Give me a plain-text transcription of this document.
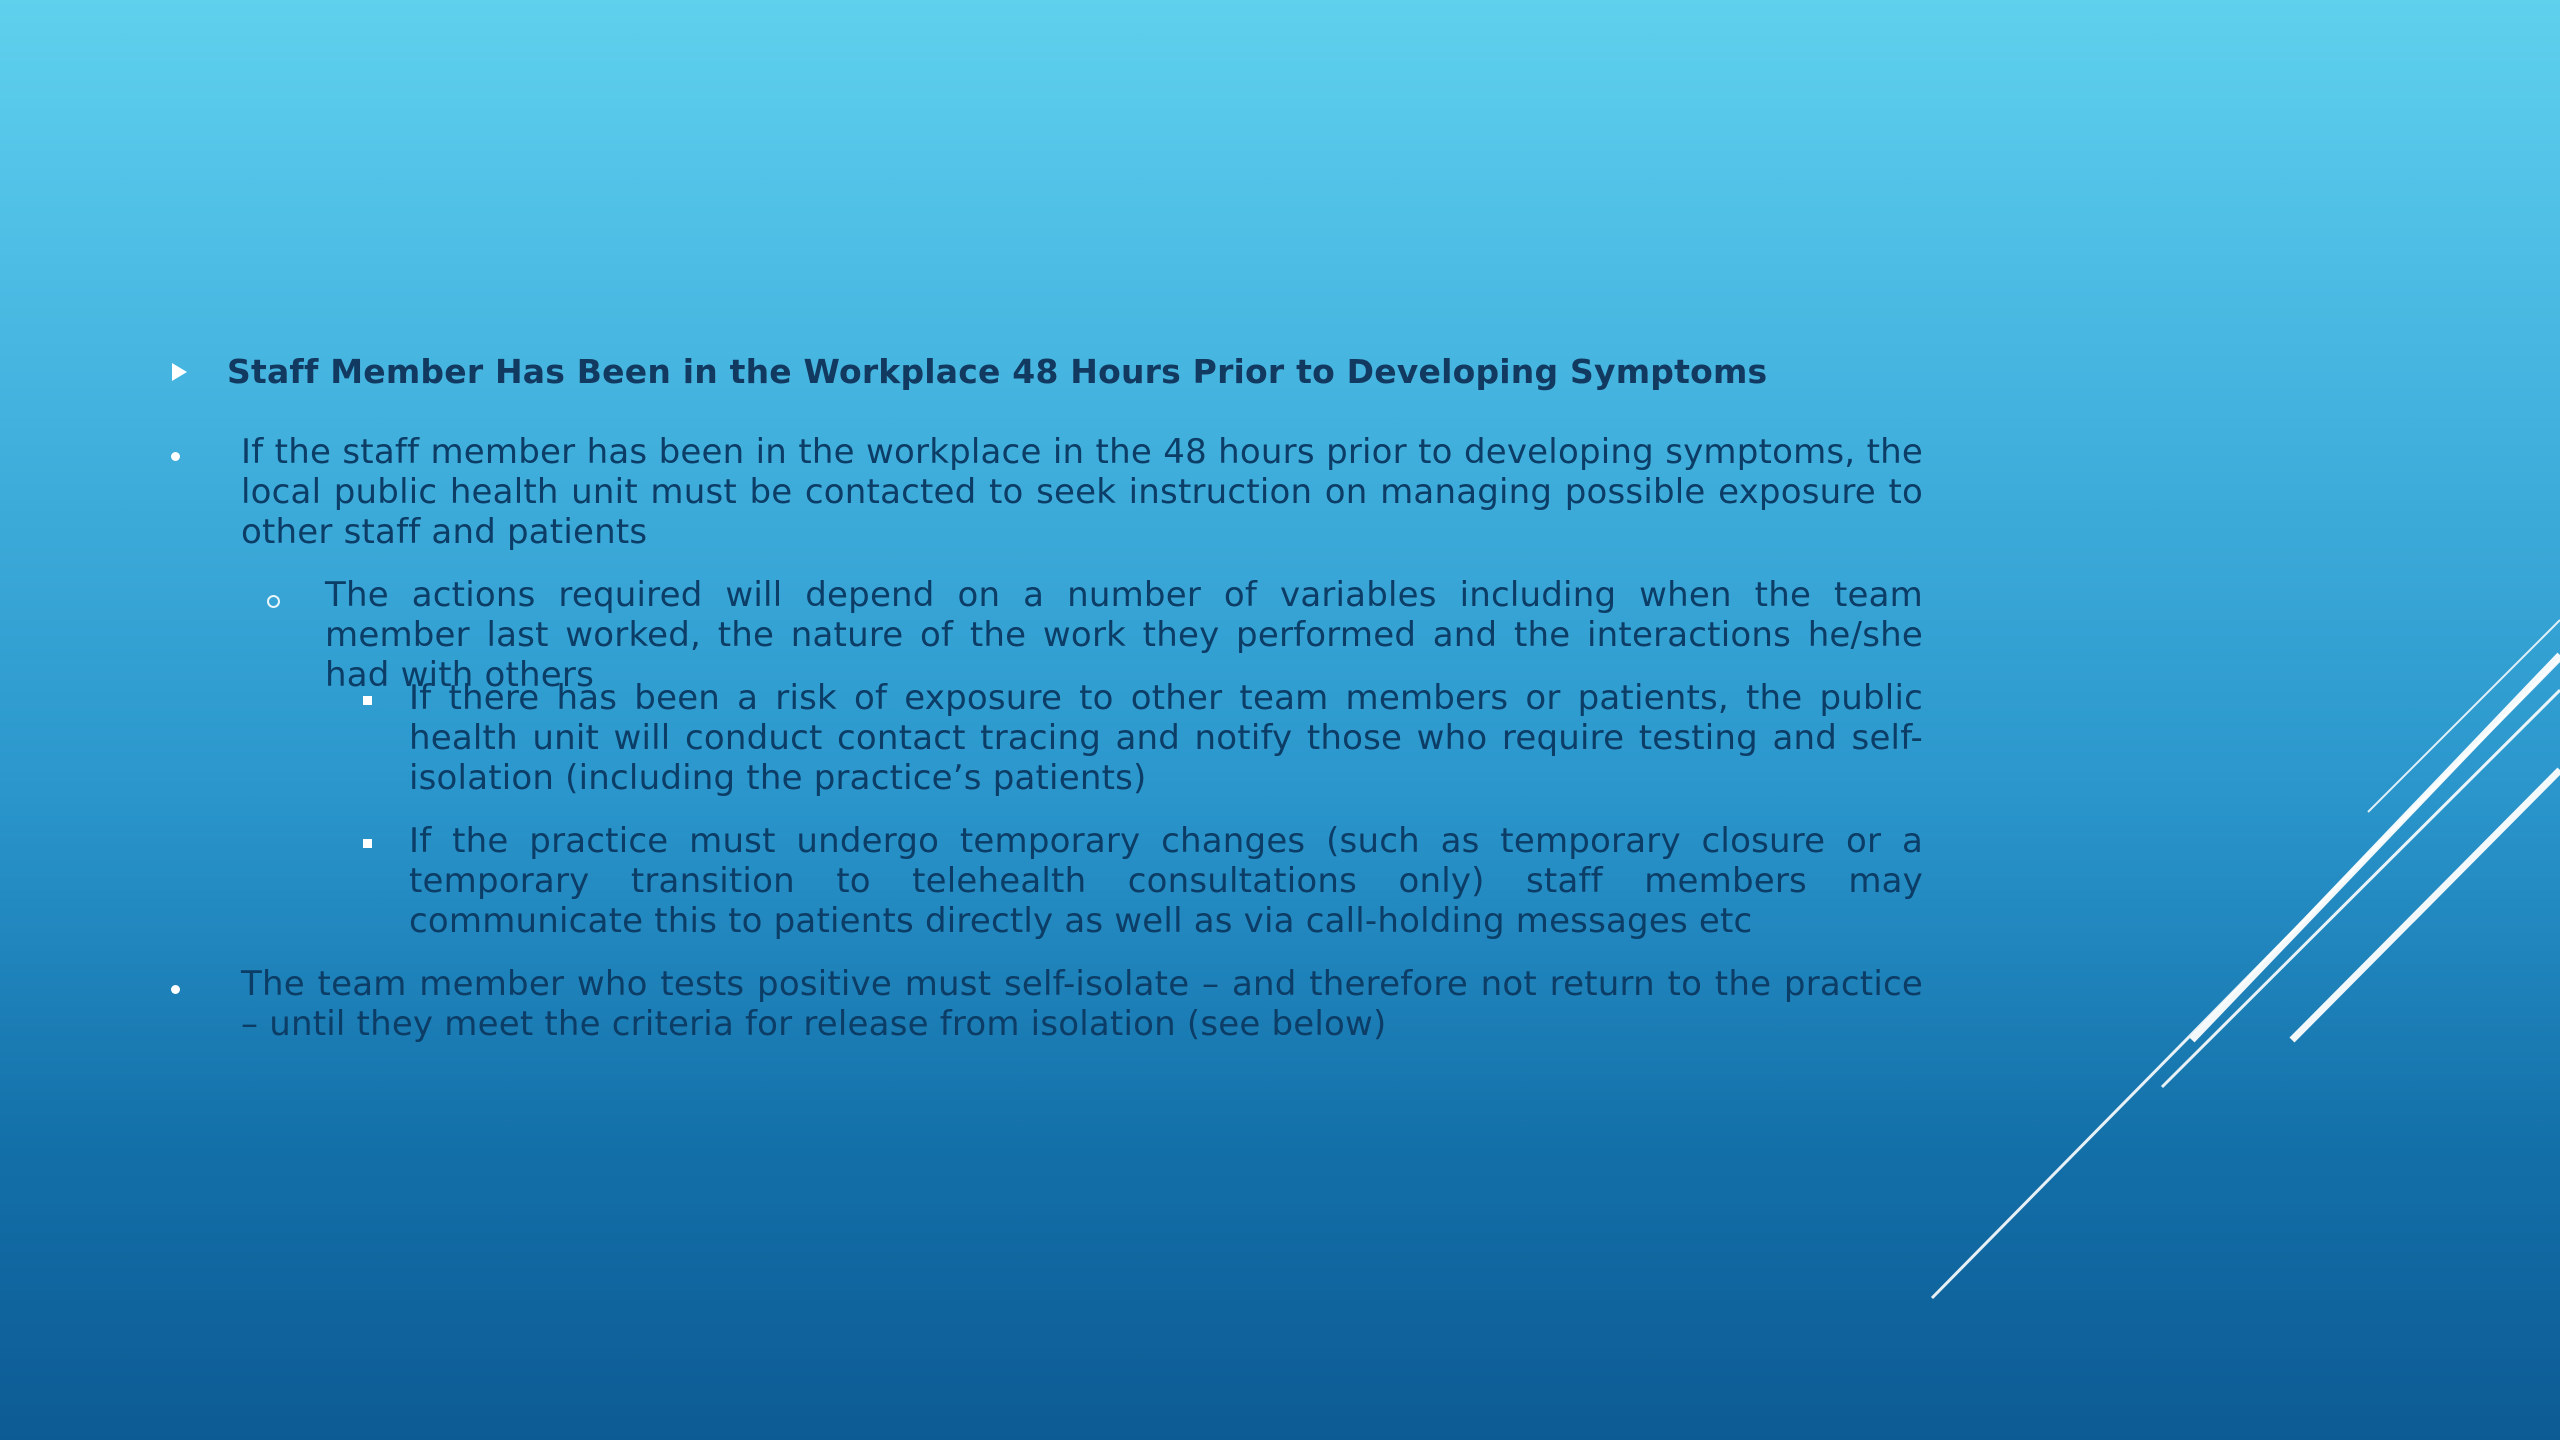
Staff Member Has Been in the Workplace 48 Hours Prior to Developing Symptoms
If the staff member has been in the workplace in the 48 hours prior to developing symptoms, the local public health unit must be contacted to seek instruction on managing possible exposure to other staff and patients
The actions required will depend on a number of variables including when the team member last worked, the nature of the work they performed and the interactions he/she had with others
If there has been a risk of exposure to other team members or patients, the public health unit will conduct contact tracing and notify those who require testing and self-isolation (including the practice’s patients)
If the practice must undergo temporary changes (such as temporary closure or a temporary transition to telehealth consultations only) staff members may communicate this to patients directly as well as via call-holding messages etc
The team member who tests positive must self-isolate – and therefore not return to the practice – until they meet the criteria for release from isolation (see below)
